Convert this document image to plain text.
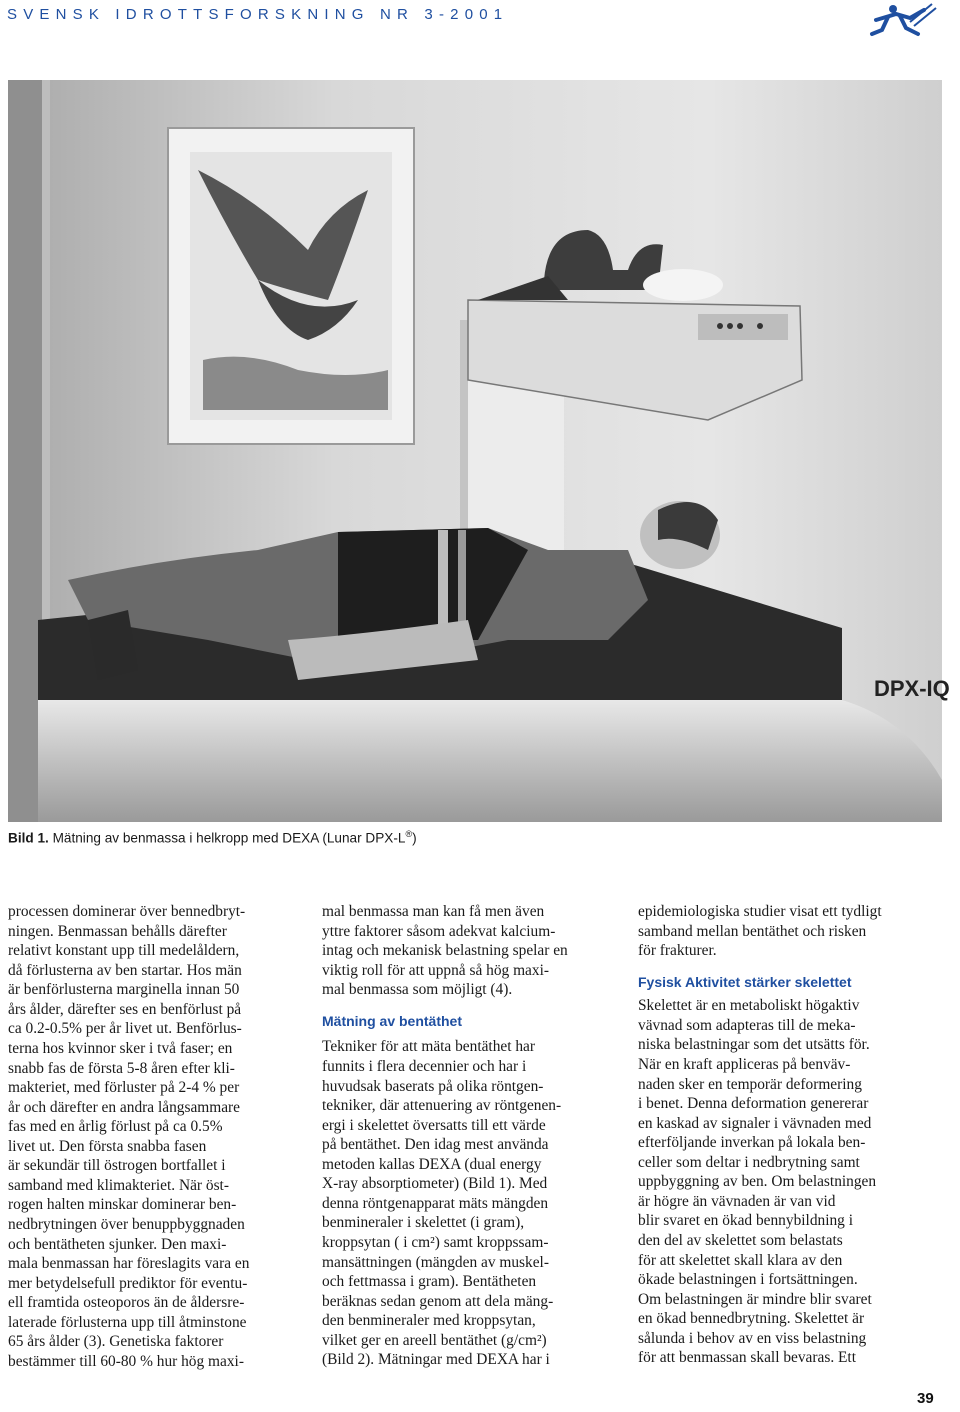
SVENSK IDROTTSFORSKNING NR 3-2001
DPX-IQ
Bild 1. Mätning av benmassa i helkropp med DEXA (Lunar DPX-L®)

processen dominerar över bennedbryt-

ningen. Benmassan behålls därefter

relativt konstant upp till medelåldern,

då förlusterna av ben startar. Hos män

är benförlusterna marginella innan 50

års ålder, därefter ses en benförlust på

ca 0.2-0.5% per år livet ut. Benförlus-

terna hos kvinnor sker i två faser; en

snabb fas de första 5-8 åren efter kli-

makteriet, med förluster på 2-4 % per

år och därefter en andra långsammare

fas med en årlig förlust på ca 0.5%

livet ut. Den första snabba fasen

är sekundär till östrogen bortfallet i

samband med klimakteriet. När öst-

rogen halten minskar dominerar ben-

nedbrytningen över benuppbyggnaden

och bentätheten sjunker. Den maxi-

mala benmassan har föreslagits vara en

mer betydelsefull prediktor för eventu-

ell framtida osteoporos än de åldersre-

laterade förlusterna upp till åtminstone

65 års ålder (3). Genetiska faktorer

bestämmer till 60-80 % hur hög maxi-

mal benmassa man kan få men även

yttre faktorer såsom adekvat kalcium-

intag och mekanisk belastning spelar en

viktig roll för att uppnå så hög maxi-

mal benmassa som möjligt (4).

Mätning av bentäthet

Tekniker för att mäta bentäthet har

funnits i flera decennier och har i

huvudsak baserats på olika röntgen-

tekniker, där attenuering av röntgenen-

ergi i skelettet översatts till ett värde

på bentäthet. Den idag mest använda

metoden kallas DEXA (dual energy

X-ray absorptiometer) (Bild 1). Med

denna röntgenapparat mäts mängden

benmineraler i skelettet (i gram),

kroppsytan ( i cm²) samt kroppssam-

mansättningen (mängden av muskel-

och fettmassa i gram). Bentätheten

beräknas sedan genom att dela mäng-

den benmineraler med kroppsytan,

vilket ger en areell bentäthet (g/cm²)

(Bild 2). Mätningar med DEXA har i

epidemiologiska studier visat ett tydligt

samband mellan bentäthet och risken

för frakturer.

Fysisk Aktivitet stärker skelettet

Skelettet är en metaboliskt högaktiv

vävnad som adapteras till de meka-

niska belastningar som det utsätts för.

När en kraft appliceras på benväv-

naden sker en temporär deformering

i benet. Denna deformation genererar

en kaskad av signaler i vävnaden med

efterföljande inverkan på lokala ben-

celler som deltar i nedbrytning samt

uppbyggning av ben. Om belastningen

är högre än vävnaden är van vid

blir svaret en ökad bennybildning i

den del av skelettet som belastats

för att skelettet skall klara av den

ökade belastningen i fortsättningen.

Om belastningen är mindre blir svaret

en ökad bennedbrytning. Skelettet är

sålunda i behov av en viss belastning

för att benmassan skall bevaras. Ett

39
